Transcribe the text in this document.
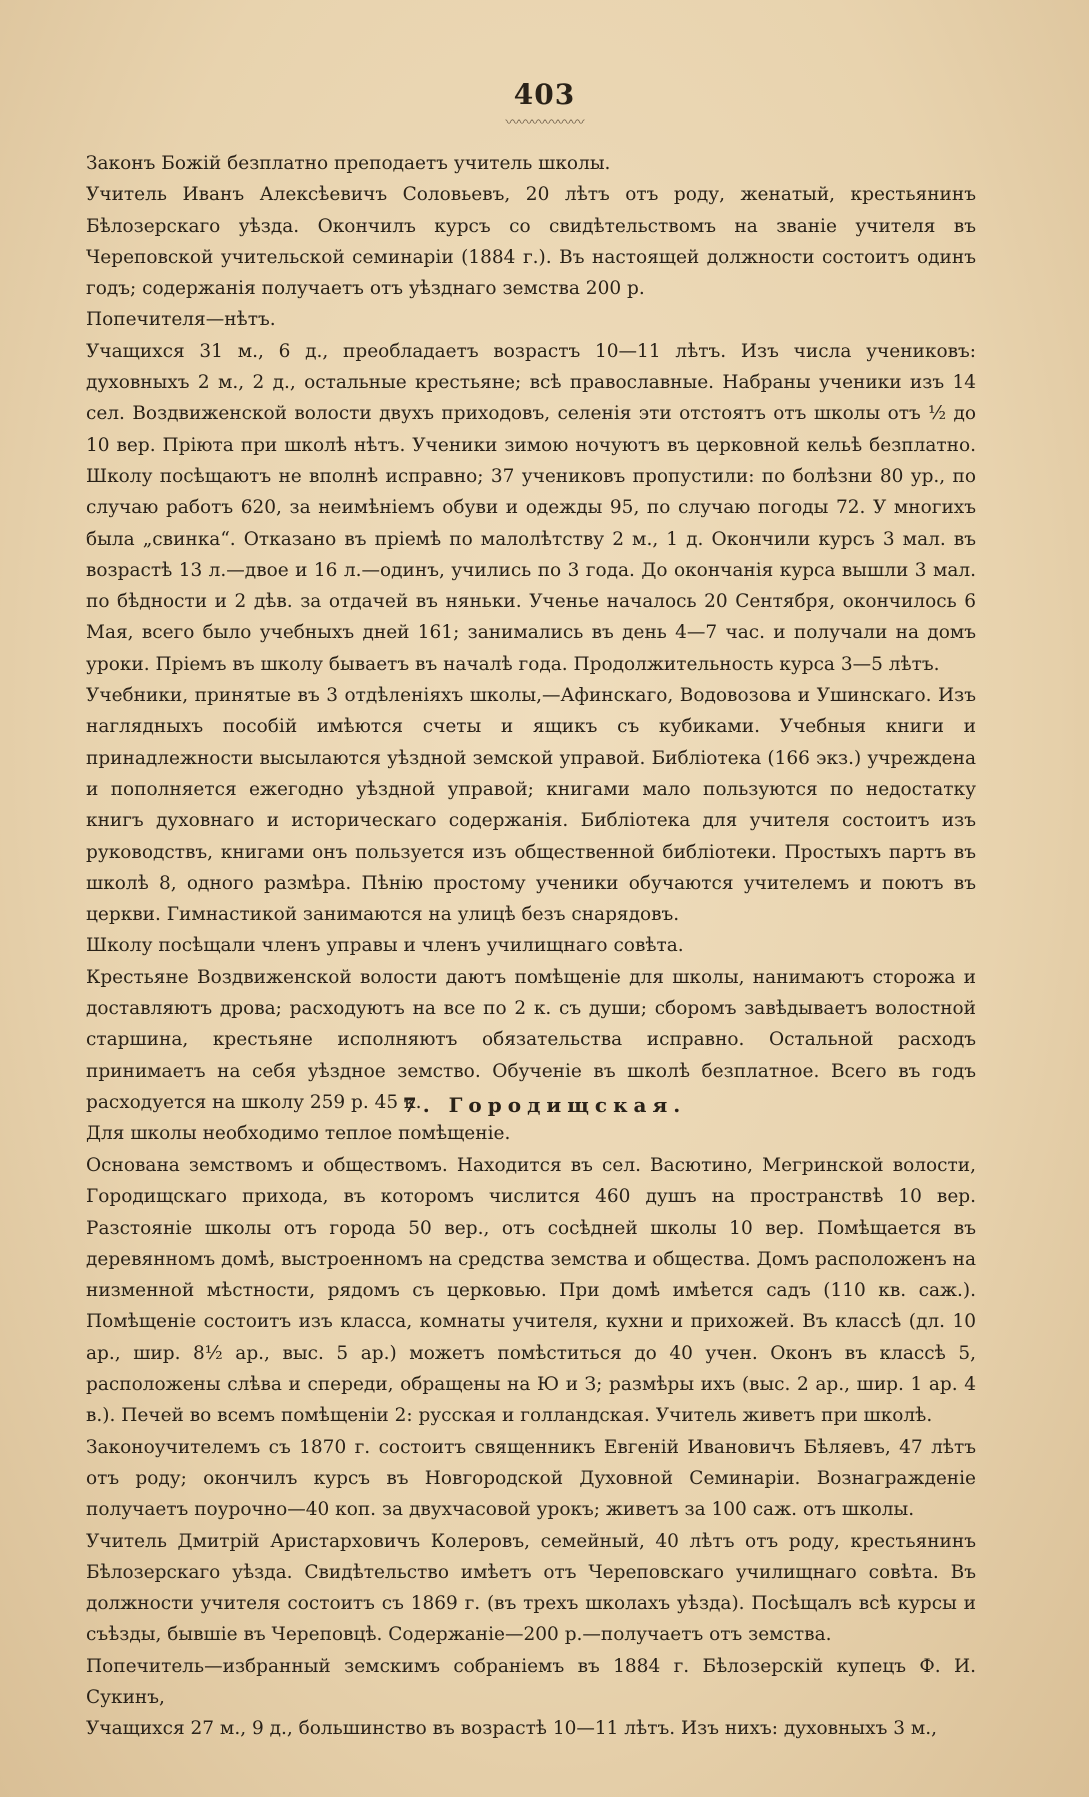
403
〰〰〰〰〰〰

Законъ Божій безплатно преподаетъ учитель школы.

Учитель Иванъ Алексѣевичъ Соловьевъ, 20 лѣтъ отъ роду, женатый, крестьянинъ Бѣлозерскаго уѣзда. Окончилъ курсъ со свидѣтельствомъ на званіе учителя въ Череповской учительской семинаріи (1884 г.). Въ настоящей должности состоитъ одинъ годъ; содержанія получаетъ отъ уѣзднаго земства 200 р.

Попечителя—нѣтъ.

Учащихся 31 м., 6 д., преобладаетъ возрастъ 10—11 лѣтъ. Изъ числа учениковъ: духовныхъ 2 м., 2 д., остальные крестьяне; всѣ православные. Набраны ученики изъ 14 сел. Воздвиженской волости двухъ приходовъ, селенія эти отстоятъ отъ школы отъ ½ до 10 вер. Пріюта при школѣ нѣтъ. Ученики зимою ночуютъ въ церковной кельѣ безплатно. Школу посѣщаютъ не вполнѣ исправно; 37 учениковъ пропустили: по болѣзни 80 ур., по случаю работъ 620, за неимѣніемъ обуви и одежды 95, по случаю погоды 72. У многихъ была „свинка“. Отказано въ пріемѣ по малолѣтству 2 м., 1 д. Окончили курсъ 3 мал. въ возрастѣ 13 л.—двое и 16 л.—одинъ, учились по 3 года. До окончанія курса вышли 3 мал. по бѣдности и 2 дѣв. за отдачей въ няньки. Ученье началось 20 Сентября, окончилось 6 Мая, всего было учебныхъ дней 161; занимались въ день 4—7 час. и получали на домъ уроки. Пріемъ въ школу бываетъ въ началѣ года. Продолжительность курса 3—5 лѣтъ.

Учебники, принятые въ 3 отдѣленіяхъ школы,—Афинскаго, Водовозова и Ушинскаго. Изъ наглядныхъ пособій имѣются счеты и ящикъ съ кубиками. Учебныя книги и принадлежности высылаются уѣздной земской управой. Библіотека (166 экз.) учреждена и пополняется ежегодно уѣздной управой; книгами мало пользуются по недостатку книгъ духовнаго и историческаго содержанія. Библіотека для учителя состоитъ изъ руководствъ, книгами онъ пользуется изъ общественной библіотеки. Простыхъ партъ въ школѣ 8, одного размѣра. Пѣнію простому ученики обучаются учителемъ и поютъ въ церкви. Гимнастикой занимаются на улицѣ безъ снарядовъ.

Школу посѣщали членъ управы и членъ училищнаго совѣта.

Крестьяне Воздвиженской волости даютъ помѣщеніе для школы, нанимаютъ сторожа и доставляютъ дрова; расходуютъ на все по 2 к. съ души; сборомъ завѣдываетъ волостной старшина, крестьяне исполняютъ обязательства исправно. Остальной расходъ принимаетъ на себя уѣздное земство. Обученіе въ школѣ безплатное. Всего въ годъ расходуется на школу 259 р. 45 к.

Для школы необходимо теплое помѣщеніе.

7. Городищская.

Основана земствомъ и обществомъ. Находится въ сел. Васютино, Мегринской волости, Городищскаго прихода, въ которомъ числится 460 душъ на пространствѣ 10 вер. Разстояніе школы отъ города 50 вер., отъ сосѣдней школы 10 вер. Помѣщается въ деревянномъ домѣ, выстроенномъ на средства земства и общества. Домъ расположенъ на низменной мѣстности, рядомъ съ церковью. При домѣ имѣется садъ (110 кв. саж.). Помѣщеніе состоитъ изъ класса, комнаты учителя, кухни и прихожей. Въ классѣ (дл. 10 ар., шир. 8½ ар., выс. 5 ар.) можетъ помѣститься до 40 учен. Оконъ въ классѣ 5, расположены слѣва и спереди, обращены на Ю и З; размѣры ихъ (выс. 2 ар., шир. 1 ар. 4 в.). Печей во всемъ помѣщеніи 2: русская и голландская. Учитель живетъ при школѣ.

Законоучителемъ съ 1870 г. состоитъ священникъ Евгеній Ивановичъ Бѣляевъ, 47 лѣтъ отъ роду; окончилъ курсъ въ Новгородской Духовной Семинаріи. Вознагражденіе получаетъ поурочно—40 коп. за двухчасовой урокъ; живетъ за 100 саж. отъ школы.

Учитель Дмитрій Аристарховичъ Колеровъ, семейный, 40 лѣтъ отъ роду, крестьянинъ Бѣлозерскаго уѣзда. Свидѣтельство имѣетъ отъ Череповскаго училищнаго совѣта. Въ должности учителя состоитъ съ 1869 г. (въ трехъ школахъ уѣзда). Посѣщалъ всѣ курсы и съѣзды, бывшіе въ Череповцѣ. Содержаніе—200 р.—получаетъ отъ земства.

Попечитель—избранный земскимъ собраніемъ въ 1884 г. Бѣлозерскій купецъ Ф. И. Сукинъ,

Учащихся 27 м., 9 д., большинство въ возрастѣ 10—11 лѣтъ. Изъ нихъ: духовныхъ 3 м.,
